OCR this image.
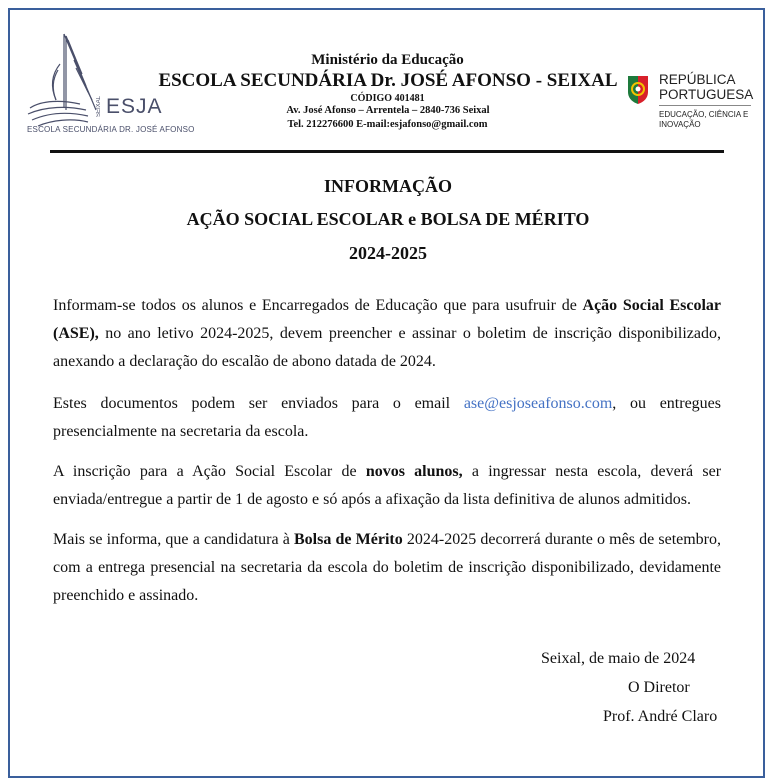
SEIXAL ESJA
ESCOLA SECUNDÁRIA DR. JOSÉ AFONSO
Ministério da Educação
ESCOLA SECUNDÁRIA Dr. JOSÉ AFONSO - SEIXAL
CÓDIGO 401481
Av. José Afonso – Arrentela – 2840-736 Seixal
Tel. 212276600 E-mail:esjafonso@gmail.com
REPÚBLICA
PORTUGUESA
EDUCAÇÃO, CIÊNCIA E INOVAÇÃO
INFORMAÇÃO
AÇÃO SOCIAL ESCOLAR e BOLSA DE MÉRITO
2024-2025

Informam-se todos os alunos e Encarregados de Educação que para usufruir de Ação Social Escolar (ASE), no ano letivo 2024-2025, devem preencher e assinar o boletim de inscrição disponibilizado, anexando a declaração do escalão de abono datada de 2024.

Estes documentos podem ser enviados para o email ase@esjoseafonso.com, ou entregues presencialmente na secretaria da escola.

A inscrição para a Ação Social Escolar de novos alunos, a ingressar nesta escola, deverá ser enviada/entregue a partir de 1 de agosto e só após a afixação da lista definitiva de alunos admitidos.

Mais se informa, que a candidatura à Bolsa de Mérito 2024-2025 decorrerá durante o mês de setembro, com a entrega presencial na secretaria da escola do boletim de inscrição disponibilizado, devidamente preenchido e assinado.

Seixal, de maio de 2024
O Diretor
Prof. André Claro
